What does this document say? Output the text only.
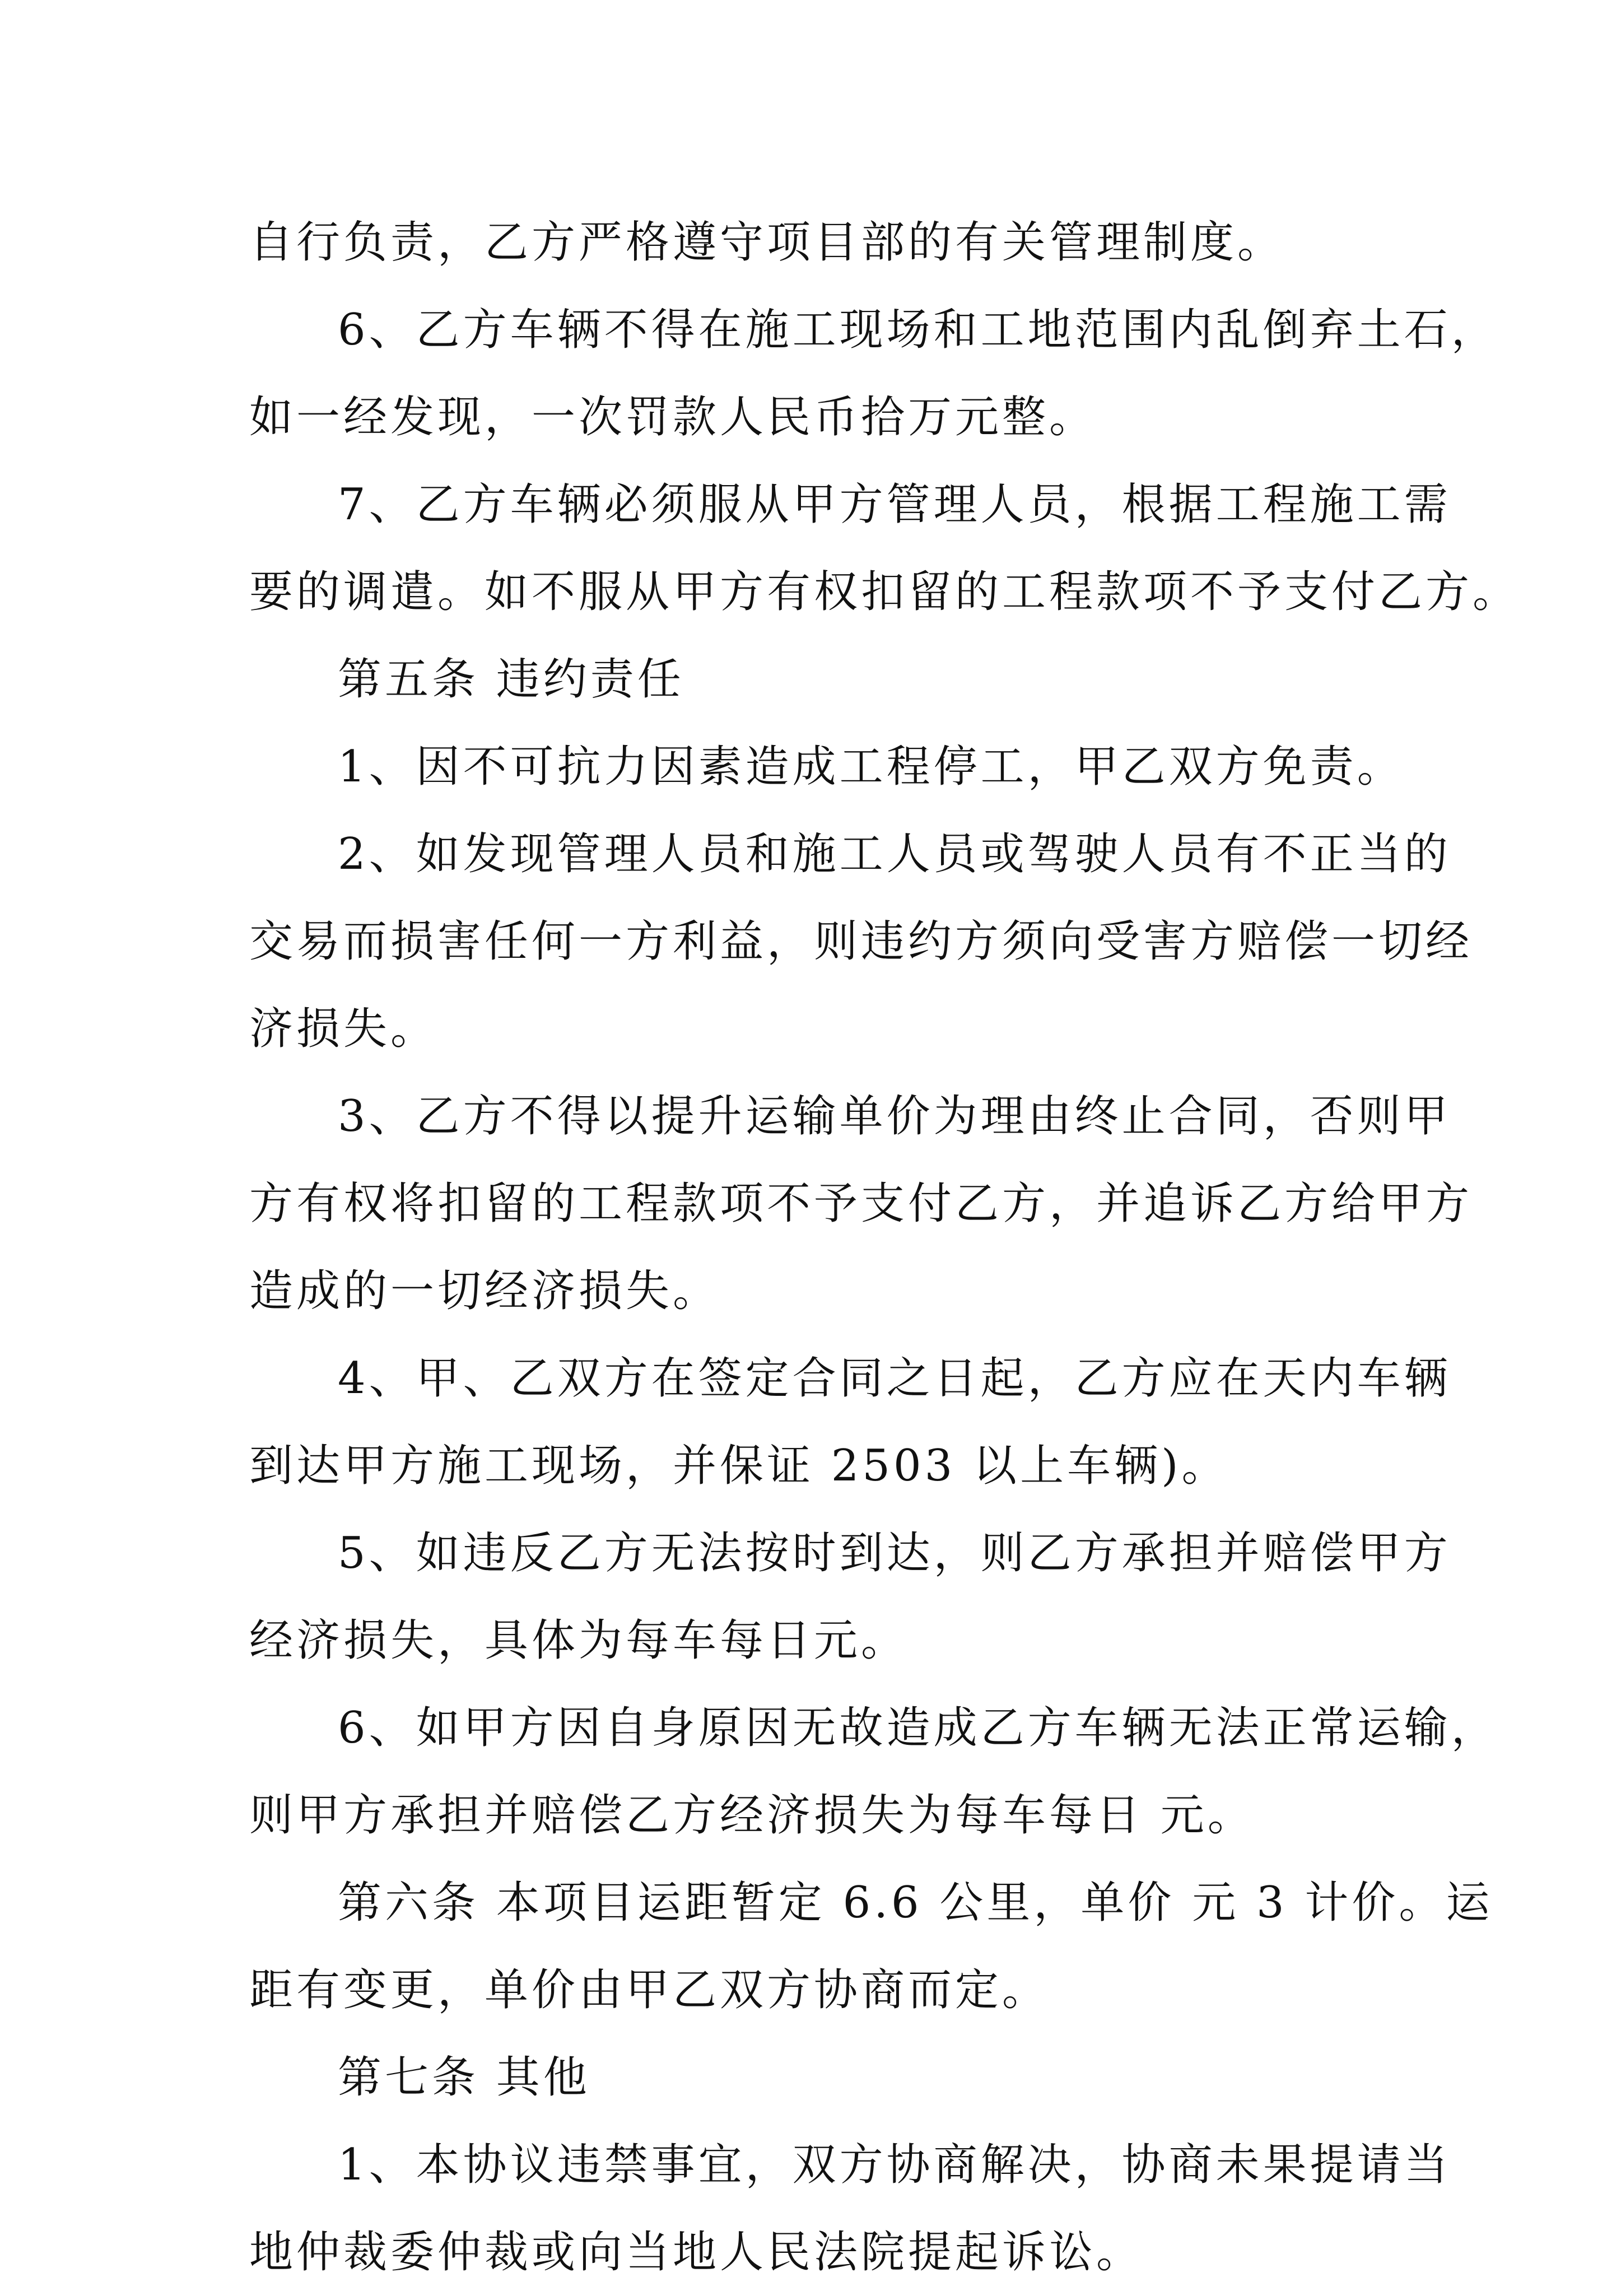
自行负责，乙方严格遵守项目部的有关管理制度。
6、乙方车辆不得在施工现场和工地范围内乱倒弃土石，
如一经发现，一次罚款人民币拾万元整。
7、乙方车辆必须服从甲方管理人员，根据工程施工需
要的调遣。如不服从甲方有权扣留的工程款项不予支付乙方。
第五条 违约责任
1、因不可抗力因素造成工程停工，甲乙双方免责。
2、如发现管理人员和施工人员或驾驶人员有不正当的
交易而损害任何一方利益，则违约方须向受害方赔偿一切经
济损失。
3、乙方不得以提升运输单价为理由终止合同，否则甲
方有权将扣留的工程款项不予支付乙方，并追诉乙方给甲方
造成的一切经济损失。
4、甲、乙双方在签定合同之日起，乙方应在天内车辆
到达甲方施工现场，并保证 2503 以上车辆)。
5、如违反乙方无法按时到达，则乙方承担并赔偿甲方
经济损失，具体为每车每日元。
6、如甲方因自身原因无故造成乙方车辆无法正常运输，
则甲方承担并赔偿乙方经济损失为每车每日 元。
第六条 本项目运距暂定 6.6 公里，单价 元 3 计价。运
距有变更，单价由甲乙双方协商而定。
第七条 其他
1、本协议违禁事宜，双方协商解决，协商未果提请当
地仲裁委仲裁或向当地人民法院提起诉讼。
